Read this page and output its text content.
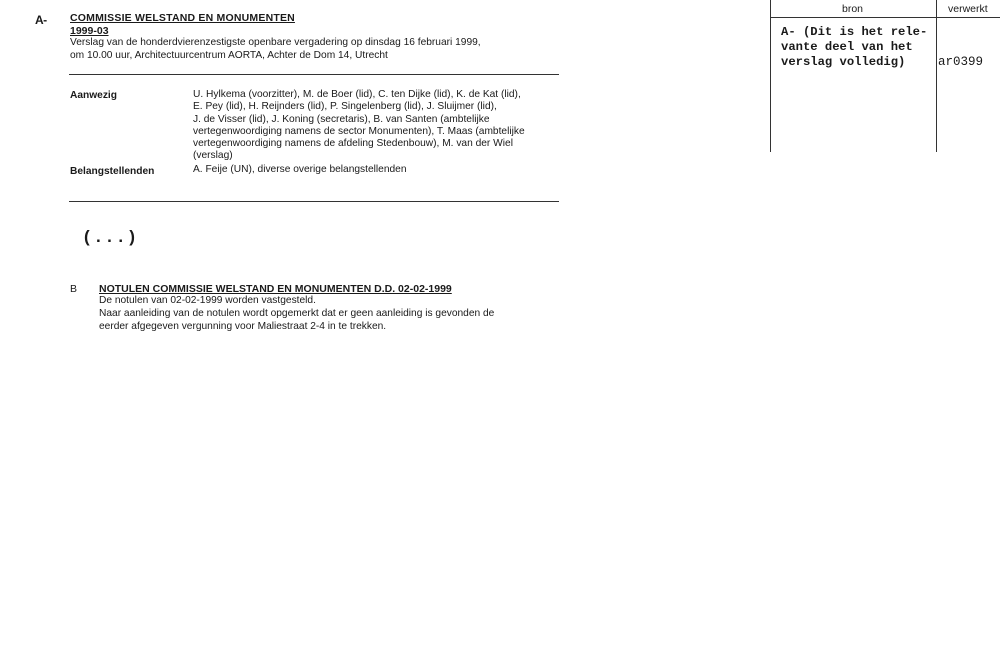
A- COMMISSIE WELSTAND EN MONUMENTEN
1999-03
Verslag van de honderdvierenzestigste openbare vergadering op dinsdag 16 februari 1999,
om 10.00 uur, Architectuurcentrum AORTA, Achter de Dom 14, Utrecht
Aanwezig	U. Hylkema (voorzitter), M. de Boer (lid), C. ten Dijke (lid), K. de Kat (lid),
E. Pey (lid), H. Reijnders (lid), P. Singelenberg (lid), J. Sluijmer (lid),
J. de Visser (lid), J. Koning (secretaris), B. van Santen (ambtelijke
vertegenwoordiging namens de sector Monumenten), T. Maas (ambtelijke
vertegenwoordiging namens de afdeling Stedenbouw), M. van der Wiel
(verslag)
Belangstellenden	A. Feije (UN), diverse overige belangstellenden
(...)
B NOTULEN COMMISSIE WELSTAND EN MONUMENTEN D.D. 02-02-1999
De notulen van 02-02-1999 worden vastgesteld.
Naar aanleiding van de notulen wordt opgemerkt dat er geen aanleiding is gevonden de
eerder afgegeven vergunning voor Maliestraat 2-4 in te trekken.
bron	verwerkt
A- (Dit is het rele-
vante deel van het
verslag volledig)	ar0399
